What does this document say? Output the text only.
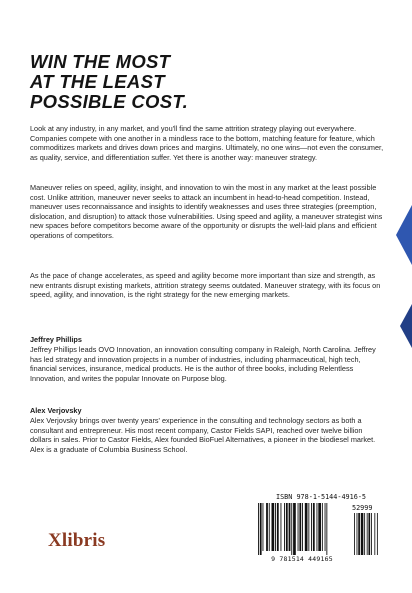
WIN THE MOST
AT THE LEAST
POSSIBLE COST.

Look at any industry, in any market, and you'll find the same attrition strategy playing out everywhere. Companies compete with one another in a mindless race to the bottom, matching feature for feature, which commoditizes markets and drives down prices and margins. Ultimately, no one wins—not even the consumer, as quality, service, and differentiation suffer. Yet there is another way: maneuver strategy.

Maneuver relies on speed, agility, insight, and innovation to win the most in any market at the least possible cost. Unlike attrition, maneuver never seeks to attack an incumbent in head-to-head competition. Instead, maneuver uses reconnaissance and insights to identify weaknesses and uses three strategies (preemption, dislocation, and disruption) to attack those vulnerabilities. Using speed and agility, a maneuver strategist wins new spaces before competitors become aware of the opportunity or disrupts the well-laid plans and efficient operations of competitors.

As the pace of change accelerates, as speed and agility become more important than size and strength, as new entrants disrupt existing markets, attrition strategy seems outdated. Maneuver strategy, with its focus on speed, agility, and innovation, is the right strategy for the new emerging markets.

Jeffrey Phillips

Jeffrey Phillips leads OVO Innovation, an innovation consulting company in Raleigh, North Carolina. Jeffrey has led strategy and innovation projects in a number of industries, including pharmaceutical, high tech, financial services, insurance, medical products. He is the author of three books, including Relentless Innovation, and writes the popular Innovate on Purpose blog.

Alex Verjovsky

Alex Verjovsky brings over twenty years' experience in the consulting and technology sectors as both a consultant and entrepreneur. His most recent company, Castor Fields SAPI, reached over twelve billion dollars in sales. Prior to Castor Fields, Alex founded BioFuel Alternatives, a pioneer in the biodiesel market. Alex is a graduate of Columbia Business School.

Xlibris
ISBN 978-1-5144-4916-5
52999
9 781514 449165
